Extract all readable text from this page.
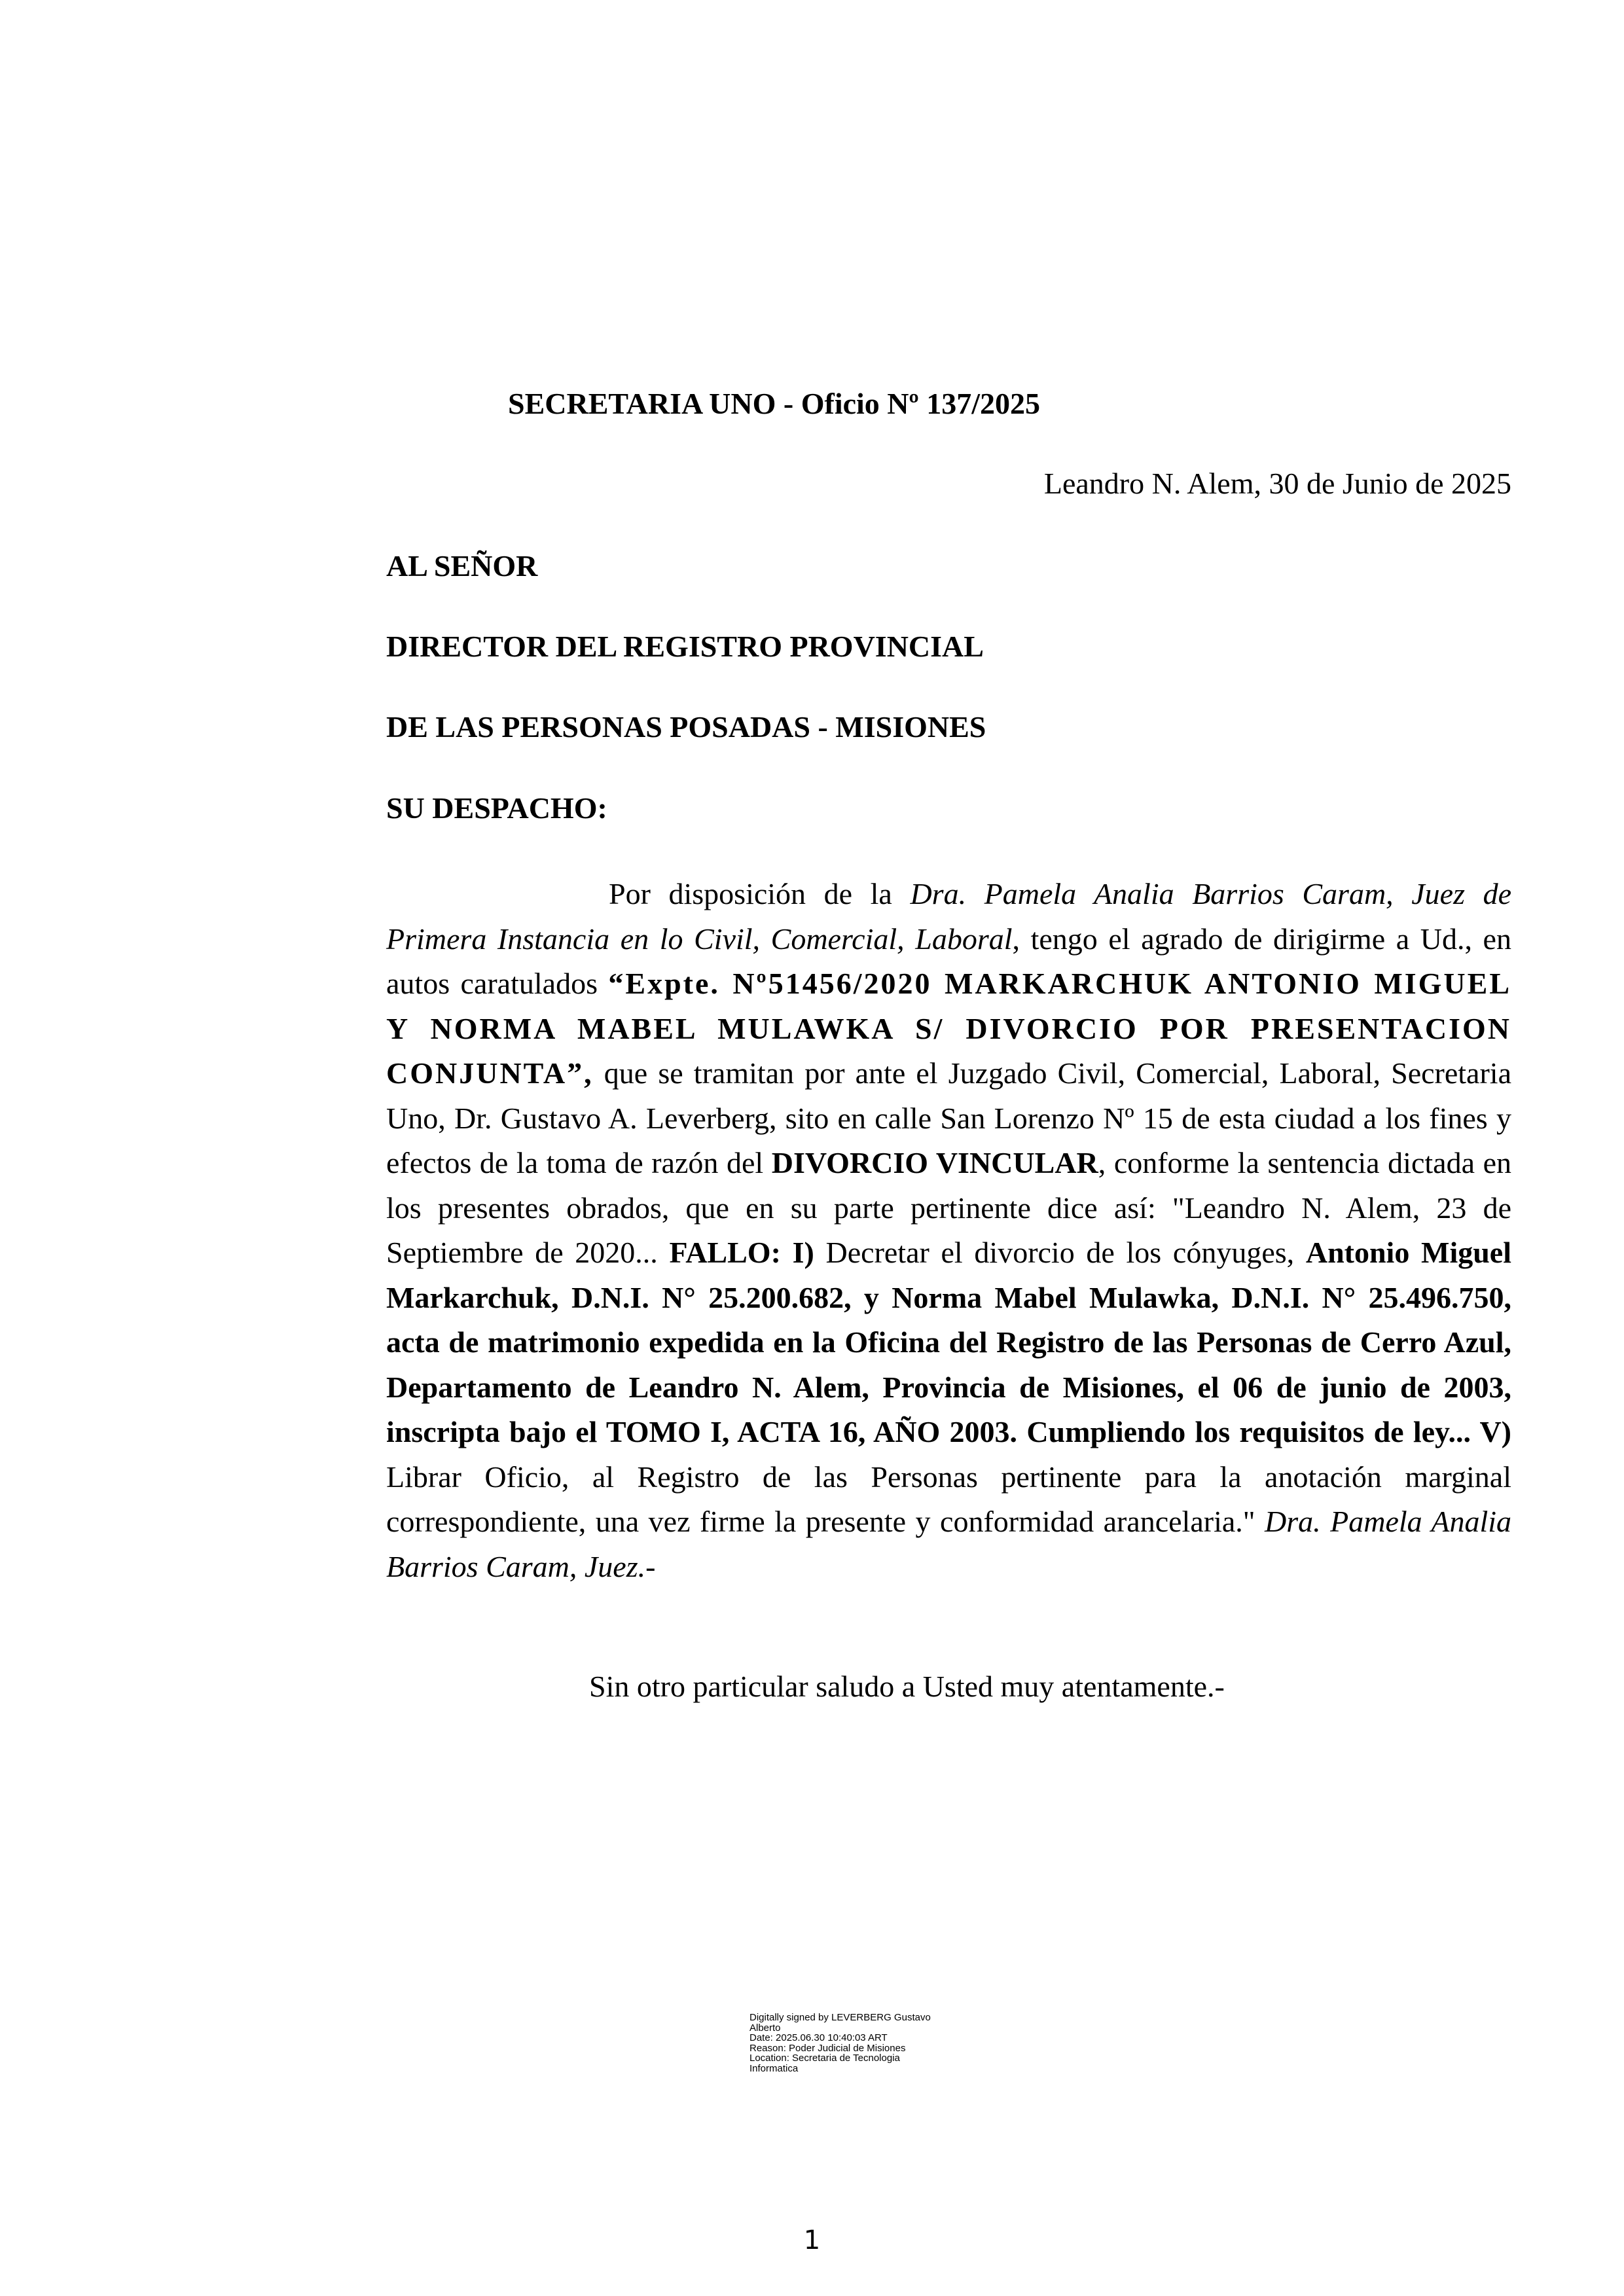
SECRETARIA UNO - Oficio Nº 137/2025
Leandro N. Alem, 30 de Junio de 2025
AL SEÑOR
DIRECTOR DEL REGISTRO PROVINCIAL
DE LAS PERSONAS POSADAS - MISIONES
SU DESPACHO:

Por disposición de la Dra. Pamela Analia Barrios Caram, Juez de Primera Instancia en lo Civil, Comercial, Laboral, tengo el agrado de dirigirme a Ud., en autos caratulados “Expte. Nº51456/2020 MARKARCHUK ANTONIO MIGUEL Y NORMA MABEL MULAWKA S/ DIVORCIO POR PRESENTACION CONJUNTA”, que se tramitan por ante el Juzgado Civil, Comercial, Laboral, Secretaria Uno, Dr. Gustavo A. Leverberg, sito en calle San Lorenzo Nº 15 de esta ciudad a los fines y efectos de la toma de razón del DIVORCIO VINCULAR, conforme la sentencia dictada en los presentes obrados, que en su parte pertinente dice así: "Leandro N. Alem, 23 de Septiembre de 2020... FALLO: I) Decretar el divorcio de los cónyuges, Antonio Miguel Markarchuk, D.N.I. N° 25.200.682, y Norma Mabel Mulawka, D.N.I. N° 25.496.750, acta de matrimonio expedida en la Oficina del Registro de las Personas de Cerro Azul, Departamento de Leandro N. Alem, Provincia de Misiones, el 06 de junio de 2003, inscripta bajo el TOMO I, ACTA 16, AÑO 2003. Cumpliendo los requisitos de ley... V) Librar Oficio, al Registro de las Personas pertinente para la anotación marginal correspondiente, una vez firme la presente y conformidad arancelaria." Dra. Pamela Analia Barrios Caram, Juez.-

Sin otro particular saludo a Usted muy atentamente.-
Digitally signed by LEVERBERG Gustavo
Alberto
Date: 2025.06.30 10:40:03 ART
Reason: Poder Judicial de Misiones
Location: Secretaria de Tecnologia
Informatica
1
